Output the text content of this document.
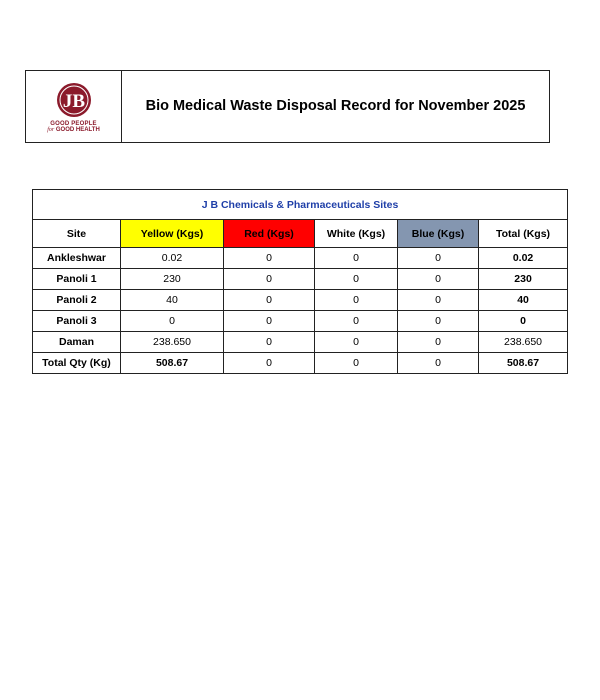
JB
GOOD PEOPLE
for GOOD HEALTH
Bio Medical Waste Disposal Record for November 2025
J B Chemicals & Pharmaceuticals Sites					
Site	Yellow (Kgs)	Red (Kgs)	White (Kgs)	Blue (Kgs)	Total (Kgs)
Ankleshwar	0.02	0	0	0	0.02
Panoli 1	230	0	0	0	230
Panoli 2	40	0	0	0	40
Panoli 3	0	0	0	0	0
Daman	238.650	0	0	0	238.650
Total Qty (Kg)	508.67	0	0	0	508.67
